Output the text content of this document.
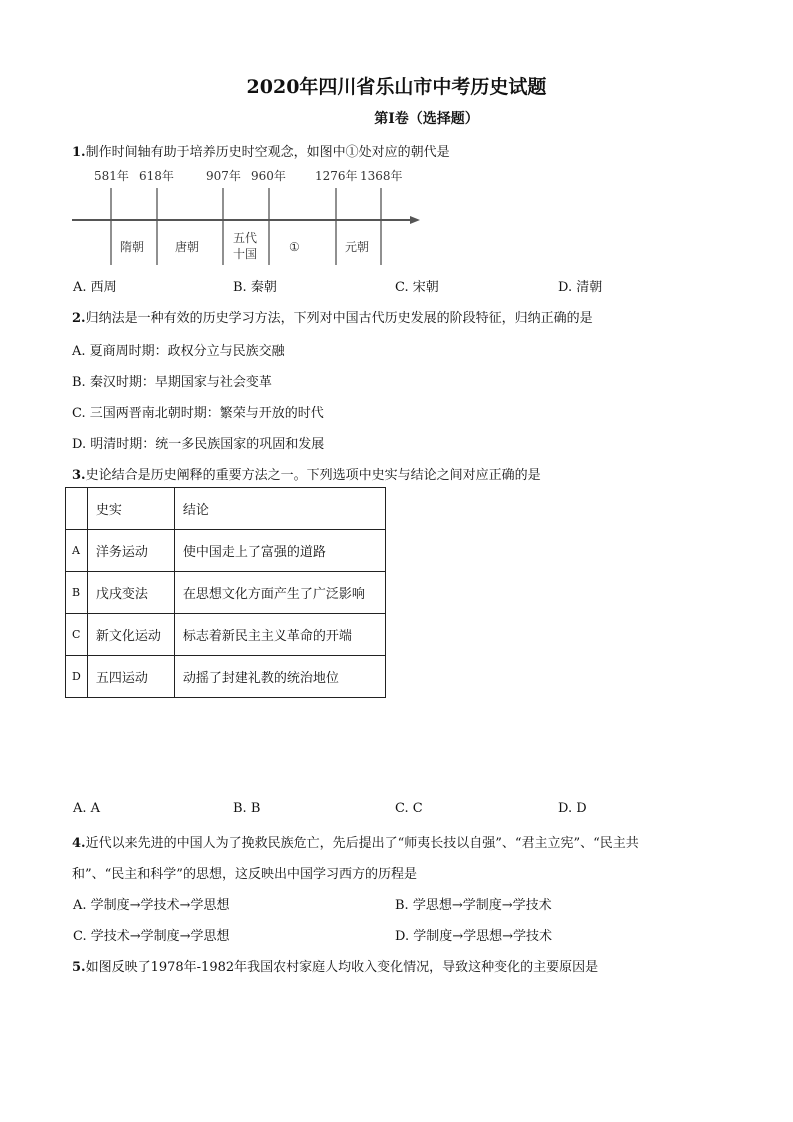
2020年四川省乐山市中考历史试题
第Ⅰ卷（选择题）
1.制作时间轴有助于培养历史时空观念，如图中①处对应的朝代是
581年 618年	907年 960年 1276年 1368年
隋朝	唐朝	①	元朝
五代十国
A. 西周	B. 秦朝	C. 宋朝	D. 清朝
2.归纳法是一种有效的历史学习方法，下列对中国古代历史发展的阶段特征，归纳正确的是
A. 夏商周时期：政权分立与民族交融
B. 秦汉时期：早期国家与社会变革
C. 三国两晋南北朝时期：繁荣与开放的时代
D. 明清时期：统一多民族国家的巩固和发展
3.史论结合是历史阐释的重要方法之一。下列选项中史实与结论之间对应正确的是
	史实	结论
A	洋务运动	使中国走上了富强的道路
B	戊戌变法	在思想文化方面产生了广泛影响
C	新文化运动	标志着新民主主义革命的开端
D	五四运动	动摇了封建礼教的统治地位
A. A	B. B	C. C	D. D
4.近代以来先进的中国人为了挽救民族危亡，先后提出了“师夷长技以自强”、“君主立宪”、“民主共
和”、“民主和科学”的思想，这反映出中国学习西方的历程是
A. 学制度→学技术→学思想	B. 学思想→学制度→学技术
C. 学技术→学制度→学思想	D. 学制度→学思想→学技术
5.如图反映了1978年-1982年我国农村家庭人均收入变化情况，导致这种变化的主要原因是
